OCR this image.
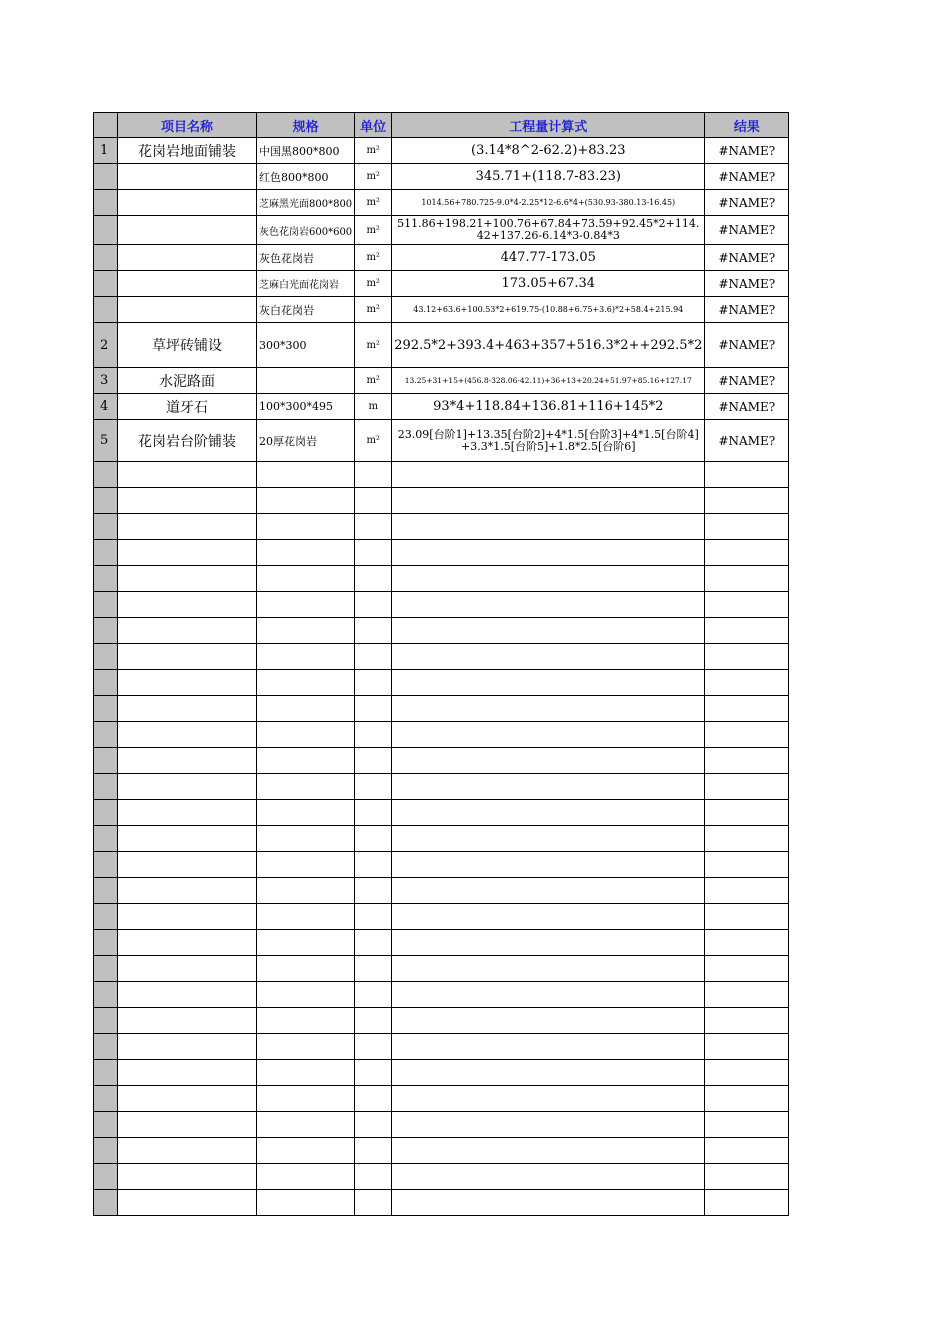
	项目名称	规格	单位	工程量计算式	结果
1	花岗岩地面铺装	中国黑800*800	m²	(3.14*8^2-62.2)+83.23	#NAME?
		红色800*800	m²	345.71+(118.7-83.23)	#NAME?
		芝麻黑光面800*800	m²	1014.56+780.725-9.0*4-2.25*12-6.6*4+(530.93-380.13-16.45)	#NAME?
		灰色花岗岩600*600	m²	511.86+198.21+100.76+67.84+73.59+92.45*2+114.42+137.26-6.14*3-0.84*3	#NAME?
		灰色花岗岩	m²	447.77-173.05	#NAME?
		芝麻白光面花岗岩	m²	173.05+67.34	#NAME?
		灰白花岗岩	m²	43.12+63.6+100.53*2+619.75-(10.88+6.75+3.6)*2+58.4+215.94	#NAME?
2	草坪砖铺设	300*300	m²	292.5*2+393.4+463+357+516.3*2++292.5*2	#NAME?
3	水泥路面		m²	13.25+31+15+(456.8-328.06-42.11)+36+13+20.24+51.97+85.16+127.17	#NAME?
4	道牙石	100*300*495	m	93*4+118.84+136.81+116+145*2	#NAME?
5	花岗岩台阶铺装	20厚花岗岩	m²	23.09[台阶1]+13.35[台阶2]+4*1.5[台阶3]+4*1.5[台阶4]+3.3*1.5[台阶5]+1.8*2.5[台阶6]	#NAME?
